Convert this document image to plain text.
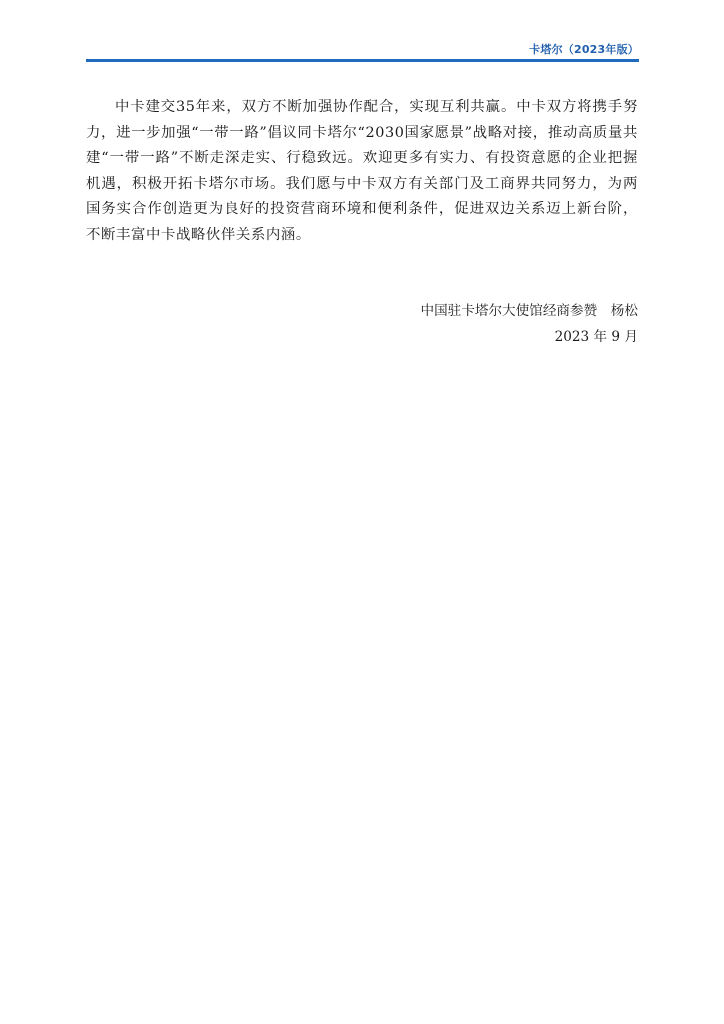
卡塔尔（2023年版）

中卡建交35年来，双方不断加强协作配合，实现互利共赢。中卡双方将携手努力，进一步加强“一带一路”倡议同卡塔尔“2030国家愿景”战略对接，推动高质量共建“一带一路”不断走深走实、行稳致远。欢迎更多有实力、有投资意愿的企业把握机遇，积极开拓卡塔尔市场。我们愿与中卡双方有关部门及工商界共同努力，为两国务实合作创造更为良好的投资营商环境和便利条件，促进双边关系迈上新台阶，不断丰富中卡战略伙伴关系内涵。

中国驻卡塔尔大使馆经商参赞　杨松
2023 年 9 月
